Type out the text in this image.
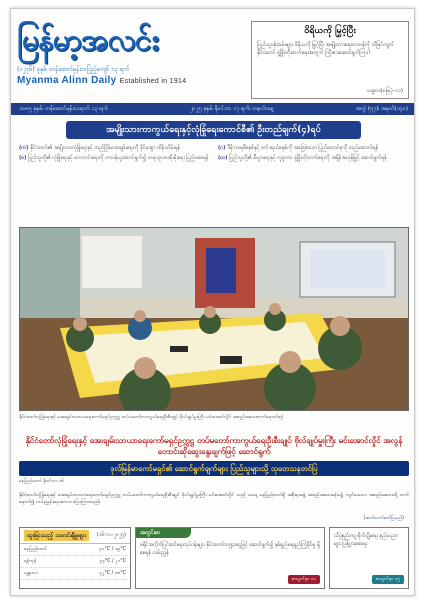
မြန်မာ့အလင်း
(၁၂၇၆) ခုနှစ်၊ တန်ဆောင်မုန်းလပြည့်ကျော် ၁၃ ရက်
Myanma Alinn Daily Established in 1914
ဝိရိယကို မြှင့်ပြီး
ပြည်သူ့ဝန်ထမ်းများ ဝိရိယကို မြှင့်ပြီး အမျိုးသားရေးတာဝန်ကို သိမြင်လျက် နိုင်ငံတော် ဖွံ့ဖြိုးတိုးတက်ရေးအတွက် ကြိုးစားဆောင်ရွက်ကြပါ
သမ္မတ(မြေပုံ-၁၁)
၁၀၈၅ ခုနှစ်၊ တန်ဆောင်မုန်းလဆုတ် ၁၃ ရက်	၂၀၂၅ ခုနှစ်၊ နိုဝင်ဘာ ၁၇ ရက်၊ တနင်္လာနေ့	အတွဲ (၅၇)၊ အမှတ်(၁၄၀)
အမျိုးသားကာကွယ်ရေးနှင့်လုံခြုံရေးကောင်စီ၏ ဦးတည်ချက်(၄)ရပ်

(က) နိုင်ငံတော်၏ အမျိုးသားလုံခြုံရေးနှင့် တည်ငြိမ်အေးချမ်းရေးကို ခိုင်မာစွာ ထိန်းသိမ်းရန်

(ခ) ပြည်သူတို့၏ လုံခြုံရေးနှင့် ဘေးကင်းရေးကို တာဝန်ယူဆောင်ရွက်၍ တရားဥပဒေစိုးမိုးရေး ပြည့်ဝစေရန်

(ဂ) ဒီမိုကရေစီစနစ်နှင့် ဖက်ဒရယ်စနစ်ကို အခြေခံသော ပြည်ထောင်စုကို တည်ဆောက်ရန်

(ဃ) ပြည်သူတို့၏ စီးပွားရေးနှင့် လူမှုဘဝ ဖွံ့ဖြိုးတိုးတက်ရေးကို အရှိန်အဟုန်မြှင့် ဆောင်ရွက်ရန်

နိုင်ငံတော်လုံခြုံရေးနှင့် အေးချမ်းသာယာရေးကော်မရှင်ဥက္ကဋ္ဌ တပ်မတော်ကာကွယ်ရေးဦးစီးချုပ် ဗိုလ်ချုပ်မှူးကြီး မင်းအောင်လှိုင် အစည်းအဝေးတက်ရောက်စဉ်
နိုင်ငံတော်လုံခြုံရေးနှင့် အေးချမ်းသာယာရေးကော်မရှင်ဥက္ကဋ္ဌ တပ်မတော်ကာကွယ်ရေးဦးစီးချုပ် ဗိုလ်ချုပ်မှူးကြီး မင်းအောင်လှိုင် အလွန်တောင်းဆိုဆွေးနွေးချက်ဖြင့် ဆောင်ရွက်
ဒုလ်မြန်မာကော်မရှင်၏ ဆောင်ရွက်ချက်များ ပြည်သူများသို့ သုတေသနတင်ပြ
နေပြည်တော် နိုဝင်ဘာ ၁၆
နိုင်ငံတော်လုံခြုံရေးနှင့် အေးချမ်းသာယာရေးကော်မရှင်ဥက္ကဋ္ဌ တပ်မတော်ကာကွယ်ရေးဦးစီးချုပ် ဗိုလ်ချုပ်မှူးကြီး မင်းအောင်လှိုင် သည် ယနေ့ နေပြည်တော်ရှိ အစိုးရအဖွဲ့ အစည်းအဝေးခန်းမ၌ ကျင်းပသော အစည်းအဝေးသို့ တက်ရောက်၍ လမ်းညွှန်အမှာစကား ပြောကြားသည်။
(ဆက်လက်ဖော်ပြမည်)
ထူးခြားသည့် သတင်းရှိမှုများ	(၁၆-၁၁-၂၀၂၅)
နေပြည်တော်	၃၁°C / ၁၉°C
ရန်ကုန်	၃၃°C / ၂၁°C
မန္တလေး	၃၂°C / ၁၈°C
အတွင်းစာ
ခရိုင်အလိုက်ပြင်ဆင်ရေးလုပ်ငန်းများ နိုင်ငံတော်ဘဏ္ဍာငွေဖြင့် ဆောင်ရွက်၍ နှစ်ရှည်ရေရှည်ကြံ့ခိုင်မှု ရှိစေရန် လမ်းညွှန်
စာမျက်နှာ ၁၁
သိပ္ပံနည်းကျ စိုက်ပျိုးရေး နည်းပညာများ ပြန့်ပွားစေရေး
စာမျက်နှာ ၁၅
